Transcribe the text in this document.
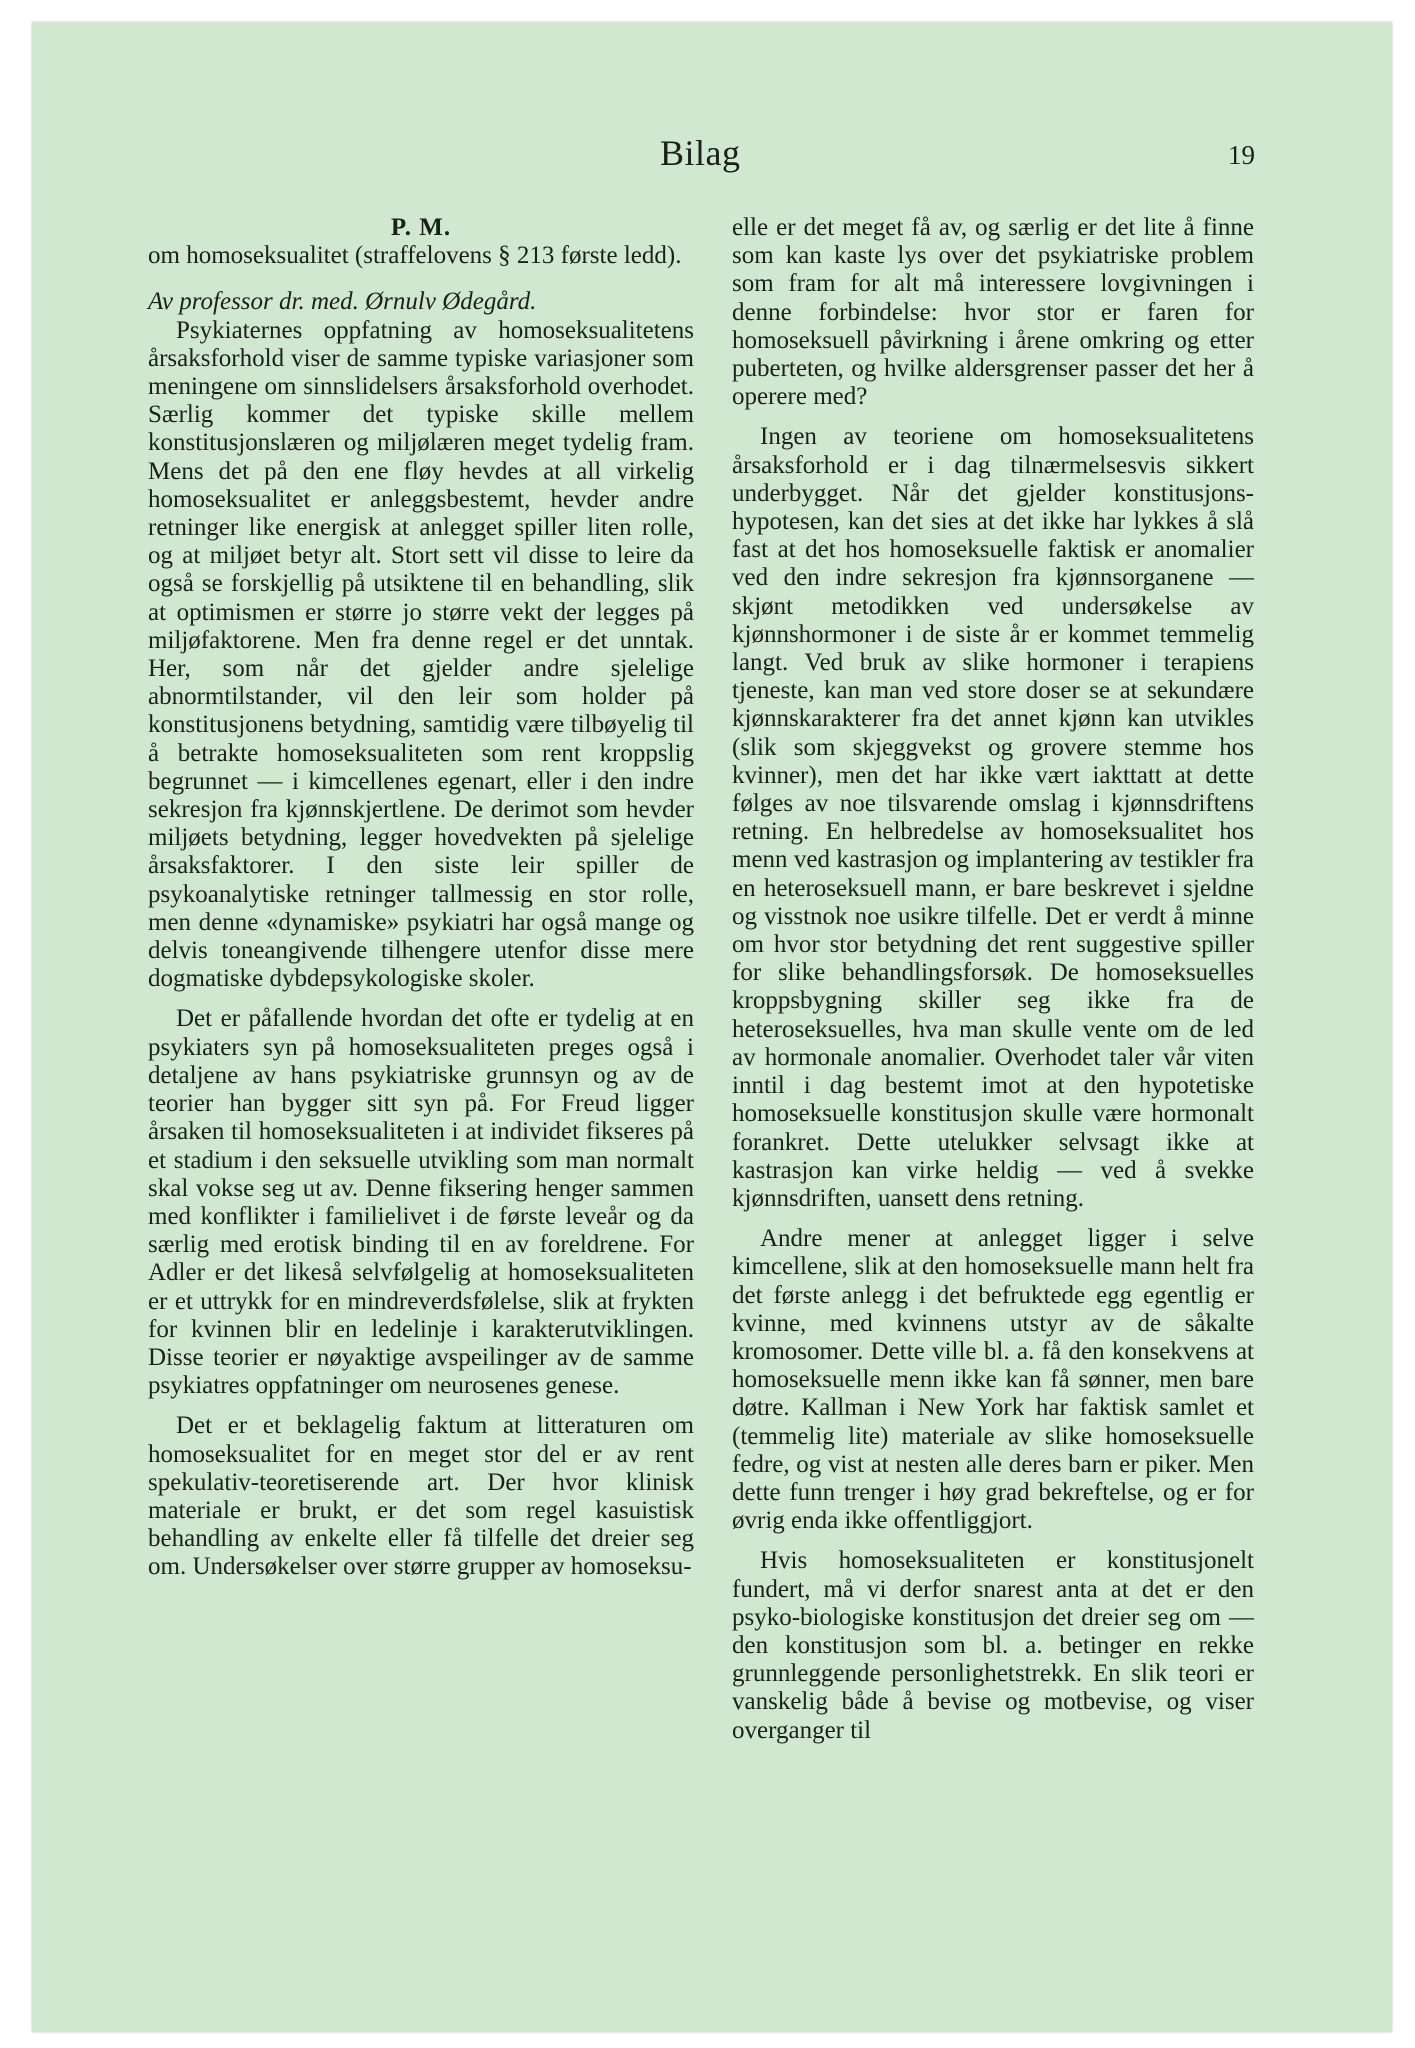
Bilag	19

P. M.

om homoseksualitet (straffelovens § 213 første ledd).

Av professor dr. med. Ørnulv Ødegård.

Psykiaternes oppfatning av homoseksualitetens årsaksforhold viser de samme typiske variasjoner som meningene om sinnslidelsers årsaksforhold overhodet. Særlig kommer det typiske skille mellem konstitusjonslæren og miljølæren meget tydelig fram. Mens det på den ene fløy hevdes at all virkelig homoseksualitet er anleggsbestemt, hevder andre retninger like energisk at anlegget spiller liten rolle, og at miljøet betyr alt. Stort sett vil disse to leire da også se forskjellig på utsiktene til en behandling, slik at optimismen er større jo større vekt der legges på miljøfaktorene. Men fra denne regel er det unntak. Her, som når det gjelder andre sjelelige abnormtilstander, vil den leir som holder på konstitusjonens betydning, samtidig være tilbøyelig til å betrakte homoseksualiteten som rent kroppslig begrunnet — i kimcellenes egenart, eller i den indre sekresjon fra kjønnskjertlene. De derimot som hevder miljøets betydning, legger hovedvekten på sjelelige årsaksfaktorer. I den siste leir spiller de psykoanalytiske retninger tallmessig en stor rolle, men denne «dynamiske» psykiatri har også mange og delvis toneangivende tilhengere utenfor disse mere dogmatiske dybdepsykologiske skoler.

Det er påfallende hvordan det ofte er tydelig at en psykiaters syn på homoseksualiteten preges også i detaljene av hans psykiatriske grunnsyn og av de teorier han bygger sitt syn på. For Freud ligger årsaken til homoseksualiteten i at individet fikseres på et stadium i den seksuelle utvikling som man normalt skal vokse seg ut av. Denne fiksering henger sammen med konflikter i familielivet i de første leveår og da særlig med erotisk binding til en av foreldrene. For Adler er det likeså selvfølgelig at homoseksualiteten er et uttrykk for en mindreverdsfølelse, slik at frykten for kvinnen blir en ledelinje i karakterutviklingen. Disse teorier er nøyaktige avspeilinger av de samme psykiatres oppfatninger om neurosenes genese.

Det er et beklagelig faktum at litteraturen om homoseksualitet for en meget stor del er av rent spekulativ-teoretiserende art. Der hvor klinisk materiale er brukt, er det som regel kasuistisk behandling av enkelte eller få tilfelle det dreier seg om. Undersøkelser over større grupper av homoseksu-

elle er det meget få av, og særlig er det lite å finne som kan kaste lys over det psykiatriske problem som fram for alt må interessere lovgivningen i denne forbindelse: hvor stor er faren for homoseksuell påvirkning i årene omkring og etter puberteten, og hvilke aldersgrenser passer det her å operere med?

Ingen av teoriene om homoseksualitetens årsaksforhold er i dag tilnærmelsesvis sikkert underbygget. Når det gjelder konstitusjons-hypotesen, kan det sies at det ikke har lykkes å slå fast at det hos homoseksuelle faktisk er anomalier ved den indre sekresjon fra kjønnsorganene — skjønt metodikken ved undersøkelse av kjønnshormoner i de siste år er kommet temmelig langt. Ved bruk av slike hormoner i terapiens tjeneste, kan man ved store doser se at sekundære kjønnskarakterer fra det annet kjønn kan utvikles (slik som skjeggvekst og grovere stemme hos kvinner), men det har ikke vært iakttatt at dette følges av noe tilsvarende omslag i kjønnsdriftens retning. En helbredelse av homoseksualitet hos menn ved kastrasjon og implantering av testikler fra en heteroseksuell mann, er bare beskrevet i sjeldne og visstnok noe usikre tilfelle. Det er verdt å minne om hvor stor betydning det rent suggestive spiller for slike behandlingsforsøk. De homoseksuelles kroppsbygning skiller seg ikke fra de heteroseksuelles, hva man skulle vente om de led av hormonale anomalier. Overhodet taler vår viten inntil i dag bestemt imot at den hypotetiske homoseksuelle konstitusjon skulle være hormonalt forankret. Dette utelukker selvsagt ikke at kastrasjon kan virke heldig — ved å svekke kjønnsdriften, uansett dens retning.

Andre mener at anlegget ligger i selve kimcellene, slik at den homoseksuelle mann helt fra det første anlegg i det befruktede egg egentlig er kvinne, med kvinnens utstyr av de såkalte kromosomer. Dette ville bl. a. få den konsekvens at homoseksuelle menn ikke kan få sønner, men bare døtre. Kallman i New York har faktisk samlet et (temmelig lite) materiale av slike homoseksuelle fedre, og vist at nesten alle deres barn er piker. Men dette funn trenger i høy grad bekreftelse, og er for øvrig enda ikke offentliggjort.

Hvis homoseksualiteten er konstitusjonelt fundert, må vi derfor snarest anta at det er den psyko-biologiske konstitusjon det dreier seg om — den konstitusjon som bl. a. betinger en rekke grunnleggende personlighetstrekk. En slik teori er vanskelig både å bevise og motbevise, og viser overganger til
